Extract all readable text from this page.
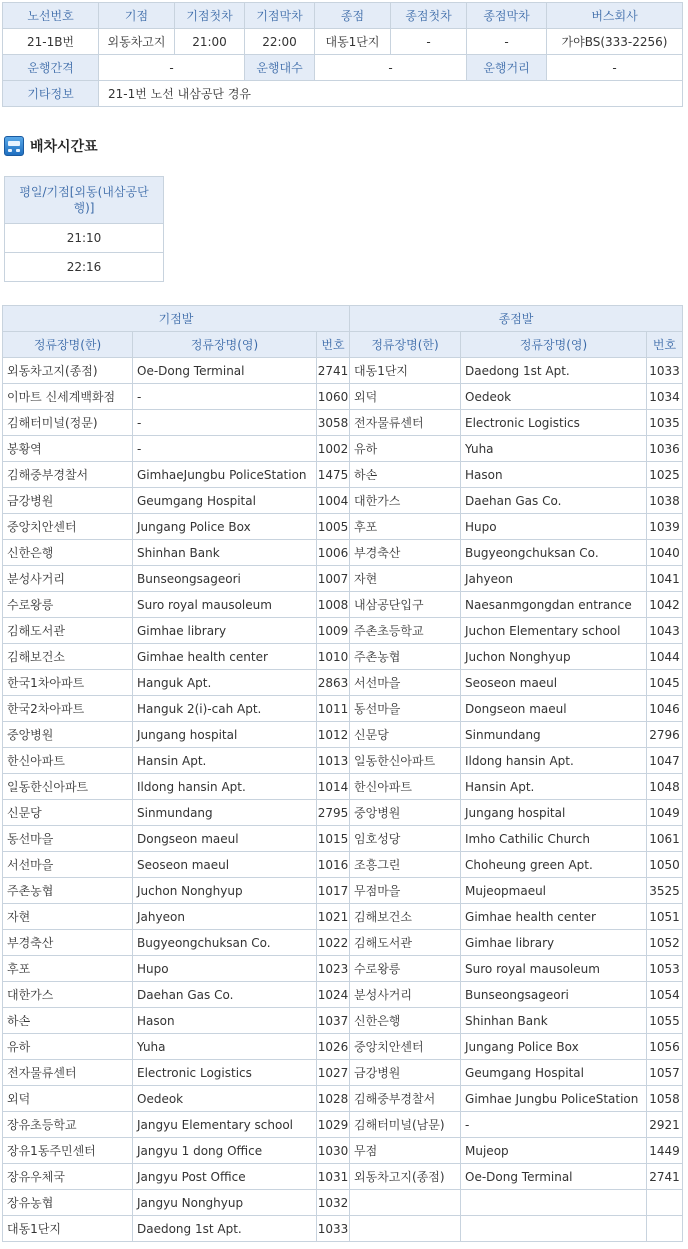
노선번호	기점	기점첫차	기점막차	종점	종점첫차	종점막차	버스회사
21-1B번	외동차고지	21:00	22:00	대동1단지	-	-	가야BS(333-2256)
운행간격	-		운행대수	-		운행거리	-
기타정보	21-1번 노선 내삼공단 경유						
배차시간표
평일/기점[외동(내삼공단행)]
21:10
22:16
기점발			종점발		
정류장명(한)	정류장명(영)	번호	정류장명(한)	정류장명(영)	번호
외동차고지(종점)	Oe-Dong Terminal	2741	대동1단지	Daedong 1st Apt.	1033
이마트 신세계백화점	-	1060	외덕	Oedeok	1034
김해터미널(정문)	-	3058	전자물류센터	Electronic Logistics	1035
봉황역	-	1002	유하	Yuha	1036
김해중부경찰서	GimhaeJungbu PoliceStation	1475	하손	Hason	1025
금강병원	Geumgang Hospital	1004	대한가스	Daehan Gas Co.	1038
중앙치안센터	Jungang Police Box	1005	후포	Hupo	1039
신한은행	Shinhan Bank	1006	부경축산	Bugyeongchuksan Co.	1040
분성사거리	Bunseongsageori	1007	자현	Jahyeon	1041
수로왕릉	Suro royal mausoleum	1008	내삼공단입구	Naesanmgongdan entrance	1042
김해도서관	Gimhae library	1009	주촌초등학교	Juchon Elementary school	1043
김해보건소	Gimhae health center	1010	주촌농협	Juchon Nonghyup	1044
한국1차아파트	Hanguk Apt.	2863	서선마을	Seoseon maeul	1045
한국2차아파트	Hanguk 2(i)-cah Apt.	1011	동선마을	Dongseon maeul	1046
중앙병원	Jungang hospital	1012	신문당	Sinmundang	2796
한신아파트	Hansin Apt.	1013	일동한신아파트	Ildong hansin Apt.	1047
일동한신아파트	Ildong hansin Apt.	1014	한신아파트	Hansin Apt.	1048
신문당	Sinmundang	2795	중앙병원	Jungang hospital	1049
동선마을	Dongseon maeul	1015	임호성당	Imho Cathilic Church	1061
서선마을	Seoseon maeul	1016	조흥그린	Choheung green Apt.	1050
주촌농협	Juchon Nonghyup	1017	무점마을	Mujeopmaeul	3525
자현	Jahyeon	1021	김해보건소	Gimhae health center	1051
부경축산	Bugyeongchuksan Co.	1022	김해도서관	Gimhae library	1052
후포	Hupo	1023	수로왕릉	Suro royal mausoleum	1053
대한가스	Daehan Gas Co.	1024	분성사거리	Bunseongsageori	1054
하손	Hason	1037	신한은행	Shinhan Bank	1055
유하	Yuha	1026	중앙치안센터	Jungang Police Box	1056
전자물류센터	Electronic Logistics	1027	금강병원	Geumgang Hospital	1057
외덕	Oedeok	1028	김해중부경찰서	Gimhae Jungbu PoliceStation	1058
장유초등학교	Jangyu Elementary school	1029	김해터미널(남문)	-	2921
장유1동주민센터	Jangyu 1 dong Office	1030	무점	Mujeop	1449
장유우체국	Jangyu Post Office	1031	외동차고지(종점)	Oe-Dong Terminal	2741
장유농협	Jangyu Nonghyup	1032			
대동1단지	Daedong 1st Apt.	1033			
